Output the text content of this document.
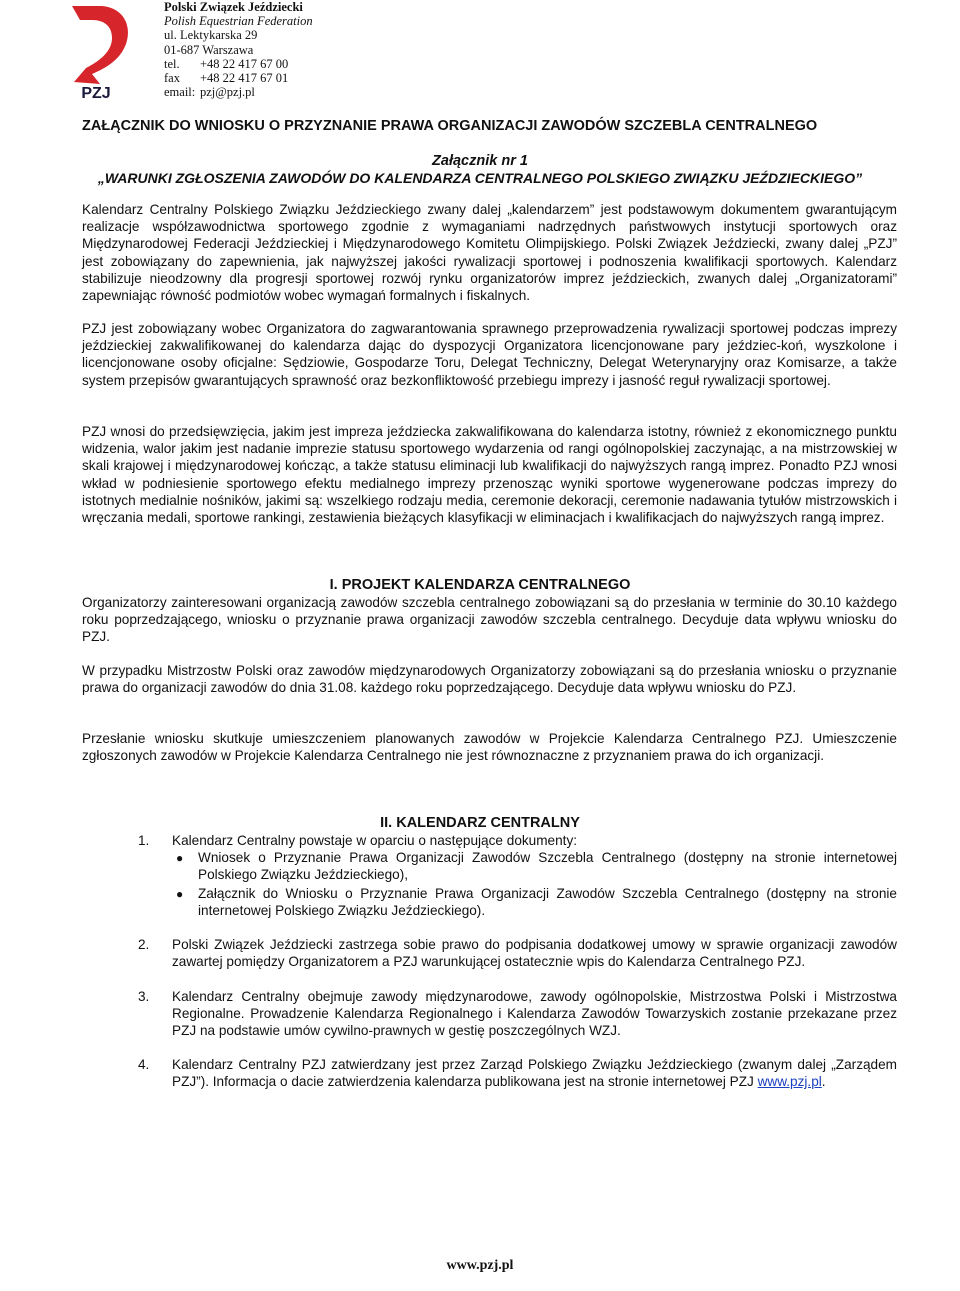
PZJ
Polski Związek Jeździecki
Polish Equestrian Federation
ul. Lektykarska 29
01-687 Warszawa
tel. +48 22 417 67 00
fax +48 22 417 67 01
email: pzj@pzj.pl
ZAŁĄCZNIK DO WNIOSKU O PRZYZNANIE PRAWA ORGANIZACJI ZAWODÓW SZCZEBLA CENTRALNEGO
Załącznik nr 1
„WARUNKI ZGŁOSZENIA ZAWODÓW DO KALENDARZA CENTRALNEGO POLSKIEGO ZWIĄZKU JEŹDZIECKIEGO”

Kalendarz Centralny Polskiego Związku Jeździeckiego zwany dalej „kalendarzem” jest podstawowym dokumentem gwarantującym realizacje współzawodnictwa sportowego zgodnie z wymaganiami nadrzędnych państwowych instytucji sportowych oraz Międzynarodowej Federacji Jeździeckiej i Międzynarodowego Komitetu Olimpijskiego. Polski Związek Jeździecki, zwany dalej „PZJ” jest zobowiązany do zapewnienia, jak najwyższej jakości rywalizacji sportowej i podnoszenia kwalifikacji sportowych. Kalendarz stabilizuje nieodzowny dla progresji sportowej rozwój rynku organizatorów imprez jeździeckich, zwanych dalej „Organizatorami” zapewniając równość podmiotów wobec wymagań formalnych i fiskalnych.

PZJ jest zobowiązany wobec Organizatora do zagwarantowania sprawnego przeprowadzenia rywalizacji sportowej podczas imprezy jeździeckiej zakwalifikowanej do kalendarza dając do dyspozycji Organizatora licencjonowane pary jeździec-koń, wyszkolone i licencjonowane osoby oficjalne: Sędziowie, Gospodarze Toru, Delegat Techniczny, Delegat Weterynaryjny oraz Komisarze, a także system przepisów gwarantujących sprawność oraz bezkonfliktowość przebiegu imprezy i jasność reguł rywalizacji sportowej.

PZJ wnosi do przedsięwzięcia, jakim jest impreza jeździecka zakwalifikowana do kalendarza istotny, również z ekonomicznego punktu widzenia, walor jakim jest nadanie imprezie statusu sportowego wydarzenia od rangi ogólnopolskiej zaczynając, a na mistrzowskiej w skali krajowej i międzynarodowej kończąc, a także statusu eliminacji lub kwalifikacji do najwyższych rangą imprez. Ponadto PZJ wnosi wkład w podniesienie sportowego efektu medialnego imprezy przenosząc wyniki sportowe wygenerowane podczas imprezy do istotnych medialnie nośników, jakimi są: wszelkiego rodzaju media, ceremonie dekoracji, ceremonie nadawania tytułów mistrzowskich i wręczania medali, sportowe rankingi, zestawienia bieżących klasyfikacji w eliminacjach i kwalifikacjach do najwyższych rangą imprez.

I. PROJEKT KALENDARZA CENTRALNEGO

Organizatorzy zainteresowani organizacją zawodów szczebla centralnego zobowiązani są do przesłania w terminie do 30.10 każdego roku poprzedzającego, wniosku o przyznanie prawa organizacji zawodów szczebla centralnego. Decyduje data wpływu wniosku do PZJ.

W przypadku Mistrzostw Polski oraz zawodów międzynarodowych Organizatorzy zobowiązani są do przesłania wniosku o przyznanie prawa do organizacji zawodów do dnia 31.08. każdego roku poprzedzającego. Decyduje data wpływu wniosku do PZJ.

Przesłanie wniosku skutkuje umieszczeniem planowanych zawodów w Projekcie Kalendarza Centralnego PZJ. Umieszczenie zgłoszonych zawodów w Projekcie Kalendarza Centralnego nie jest równoznaczne z przyznaniem prawa do ich organizacji.

II. KALENDARZ CENTRALNY
1. Kalendarz Centralny powstaje w oparciu o następujące dokumenty:

● Wniosek o Przyznanie Prawa Organizacji Zawodów Szczebla Centralnego (dostępny na stronie internetowej Polskiego Związku Jeździeckiego),

● Załącznik do Wniosku o Przyznanie Prawa Organizacji Zawodów Szczebla Centralnego (dostępny na stronie internetowej Polskiego Związku Jeździeckiego).

2. Polski Związek Jeździecki zastrzega sobie prawo do podpisania dodatkowej umowy w sprawie organizacji zawodów zawartej pomiędzy Organizatorem a PZJ warunkującej ostatecznie wpis do Kalendarza Centralnego PZJ.

3. Kalendarz Centralny obejmuje zawody międzynarodowe, zawody ogólnopolskie, Mistrzostwa Polski i Mistrzostwa Regionalne. Prowadzenie Kalendarza Regionalnego i Kalendarza Zawodów Towarzyskich zostanie przekazane przez PZJ na podstawie umów cywilno-prawnych w gestię poszczególnych WZJ.

4. Kalendarz Centralny PZJ zatwierdzany jest przez Zarząd Polskiego Związku Jeździeckiego (zwanym dalej „Zarządem PZJ”). Informacja o dacie zatwierdzenia kalendarza publikowana jest na stronie internetowej PZJ www.pzj.pl.

www.pzj.pl
